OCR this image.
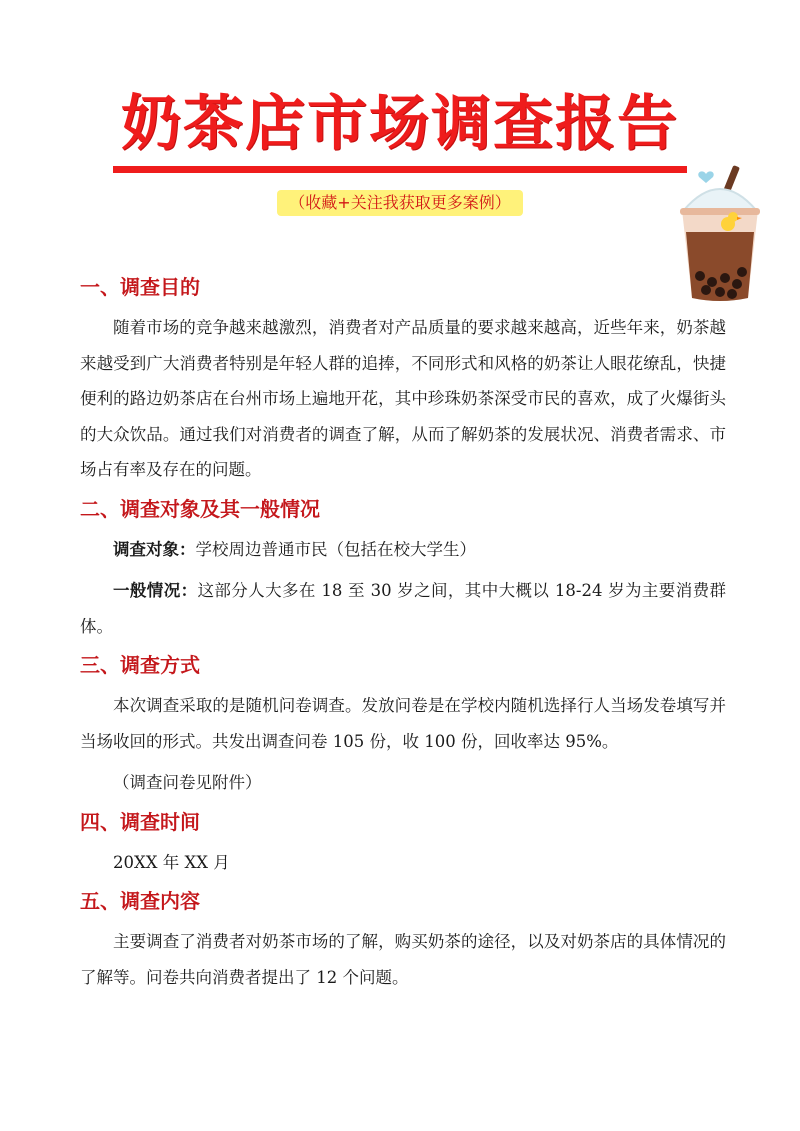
奶茶店市场调查报告
（收藏+关注我获取更多案例）
一、调查目的
随着市场的竞争越来越激烈，消费者对产品质量的要求越来越高，近些年来，奶茶越来越受到广大消费者特别是年轻人群的追捧，不同形式和风格的奶茶让人眼花缭乱，快捷便利的路边奶茶店在台州市场上遍地开花，其中珍珠奶茶深受市民的喜欢，成了火爆街头的大众饮品。通过我们对消费者的调查了解，从而了解奶茶的发展状况、消费者需求、市场占有率及存在的问题。
二、调查对象及其一般情况
调查对象：学校周边普通市民（包括在校大学生）
一般情况：这部分人大多在 18 至 30 岁之间，其中大概以 18-24 岁为主要消费群体。
三、调查方式
本次调查采取的是随机问卷调查。发放问卷是在学校内随机选择行人当场发卷填写并当场收回的形式。共发出调查问卷 105 份，收 100 份，回收率达 95%。
（调查问卷见附件）
四、调查时间
20XX 年 XX 月
五、调查内容
主要调查了消费者对奶茶市场的了解，购买奶茶的途径，以及对奶茶店的具体情况的了解等。问卷共向消费者提出了 12 个问题。
